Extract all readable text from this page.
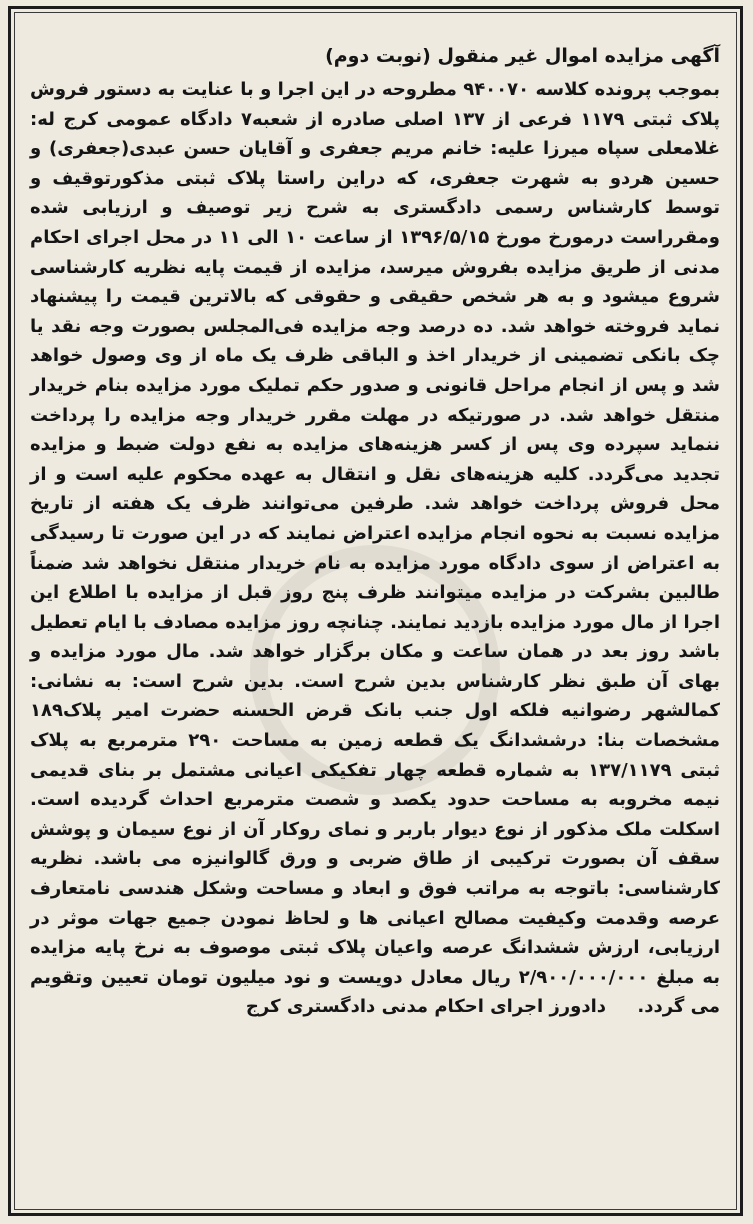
آگهی مزایده اموال غیر منقول (نوبت دوم)
بموجب پرونده کلاسه ۹۴۰۰۷۰ مطروحه در این اجرا و با عنایت به دستور فروش پلاک ثبتی ۱۱۷۹ فرعی از ۱۳۷ اصلی صادره از شعبه۷ دادگاه عمومی کرج له: غلامعلی سپاه میرزا علیه: خانم مریم جعفری و آقایان حسن عبدی(جعفری) و حسین هردو به شهرت جعفری، که دراین راستا پلاک ثبتی مذکورتوقیف و توسط کارشناس رسمی دادگستری به شرح زیر توصیف و ارزیابی شده ومقرراست درمورخ مورخ ۱۳۹۶/۵/۱۵ از ساعت ۱۰ الی ۱۱ در محل اجرای احکام مدنی از طریق مزایده بفروش میرسد، مزایده از قیمت پایه نظریه کارشناسی شروع میشود و به هر شخص حقیقی و حقوقی که بالاترین قیمت را پیشنهاد نماید فروخته خواهد شد. ده درصد وجه مزایده فی‌المجلس بصورت وجه نقد یا چک بانکی تضمینی از خریدار اخذ و الباقی ظرف یک ماه از وی وصول خواهد شد و پس از انجام مراحل قانونی و صدور حکم تملیک مورد مزایده بنام خریدار منتقل خواهد شد. در صورتیکه در مهلت مقرر خریدار وجه مزایده را پرداخت ننماید سپرده وی پس از کسر هزینه‌های مزایده به نفع دولت ضبط و مزایده تجدید می‌گردد. کلیه هزینه‌های نقل و انتقال به عهده محکوم علیه است و از محل فروش پرداخت خواهد شد. طرفین می‌توانند ظرف یک هفته از تاریخ مزایده نسبت به نحوه انجام مزایده اعتراض نمایند که در این صورت تا رسیدگی به اعتراض از سوی دادگاه مورد مزایده به نام خریدار منتقل نخواهد شد ضمناً طالبین بشرکت در مزایده میتوانند ظرف پنج روز قبل از مزایده با اطلاع این اجرا از مال مورد مزایده بازدید نمایند. چنانچه روز مزایده مصادف با ایام تعطیل باشد روز بعد در همان ساعت و مکان برگزار خواهد شد. مال مورد مزایده و بهای آن طبق نظر کارشناس بدین شرح است. بدین شرح است: به نشانی: کمالشهر رضوانیه فلکه اول جنب بانک قرض الحسنه حضرت امیر پلاک۱۸۹ مشخصات بنا: درششدانگ یک قطعه زمین به مساحت ۲۹۰ مترمربع به پلاک ثبتی ۱۳۷/۱۱۷۹ به شماره قطعه چهار تفکیکی اعیانی مشتمل بر بنای قدیمی نیمه مخروبه به مساحت حدود یکصد و شصت مترمربع احداث گردیده است. اسکلت ملک مذکور از نوع دیوار باربر و نمای روکار آن از نوع سیمان و پوشش سقف آن بصورت ترکیبی از طاق ضربی و ورق گالوانیزه می باشد. نظریه کارشناسی: باتوجه به مراتب فوق و ابعاد و مساحت وشکل هندسی نامتعارف عرصه وقدمت وکیفیت مصالح اعیانی ها و لحاظ نمودن جمیع جهات موثر در ارزیابی، ارزش ششدانگ عرصه واعیان پلاک ثبتی موصوف به نرخ پایه مزایده به مبلغ ۲/۹۰۰/۰۰۰/۰۰۰ ریال معادل دویست و نود میلیون تومان تعیین وتقویم می گردد.     دادورز اجرای احکام مدنی دادگستری کرج
